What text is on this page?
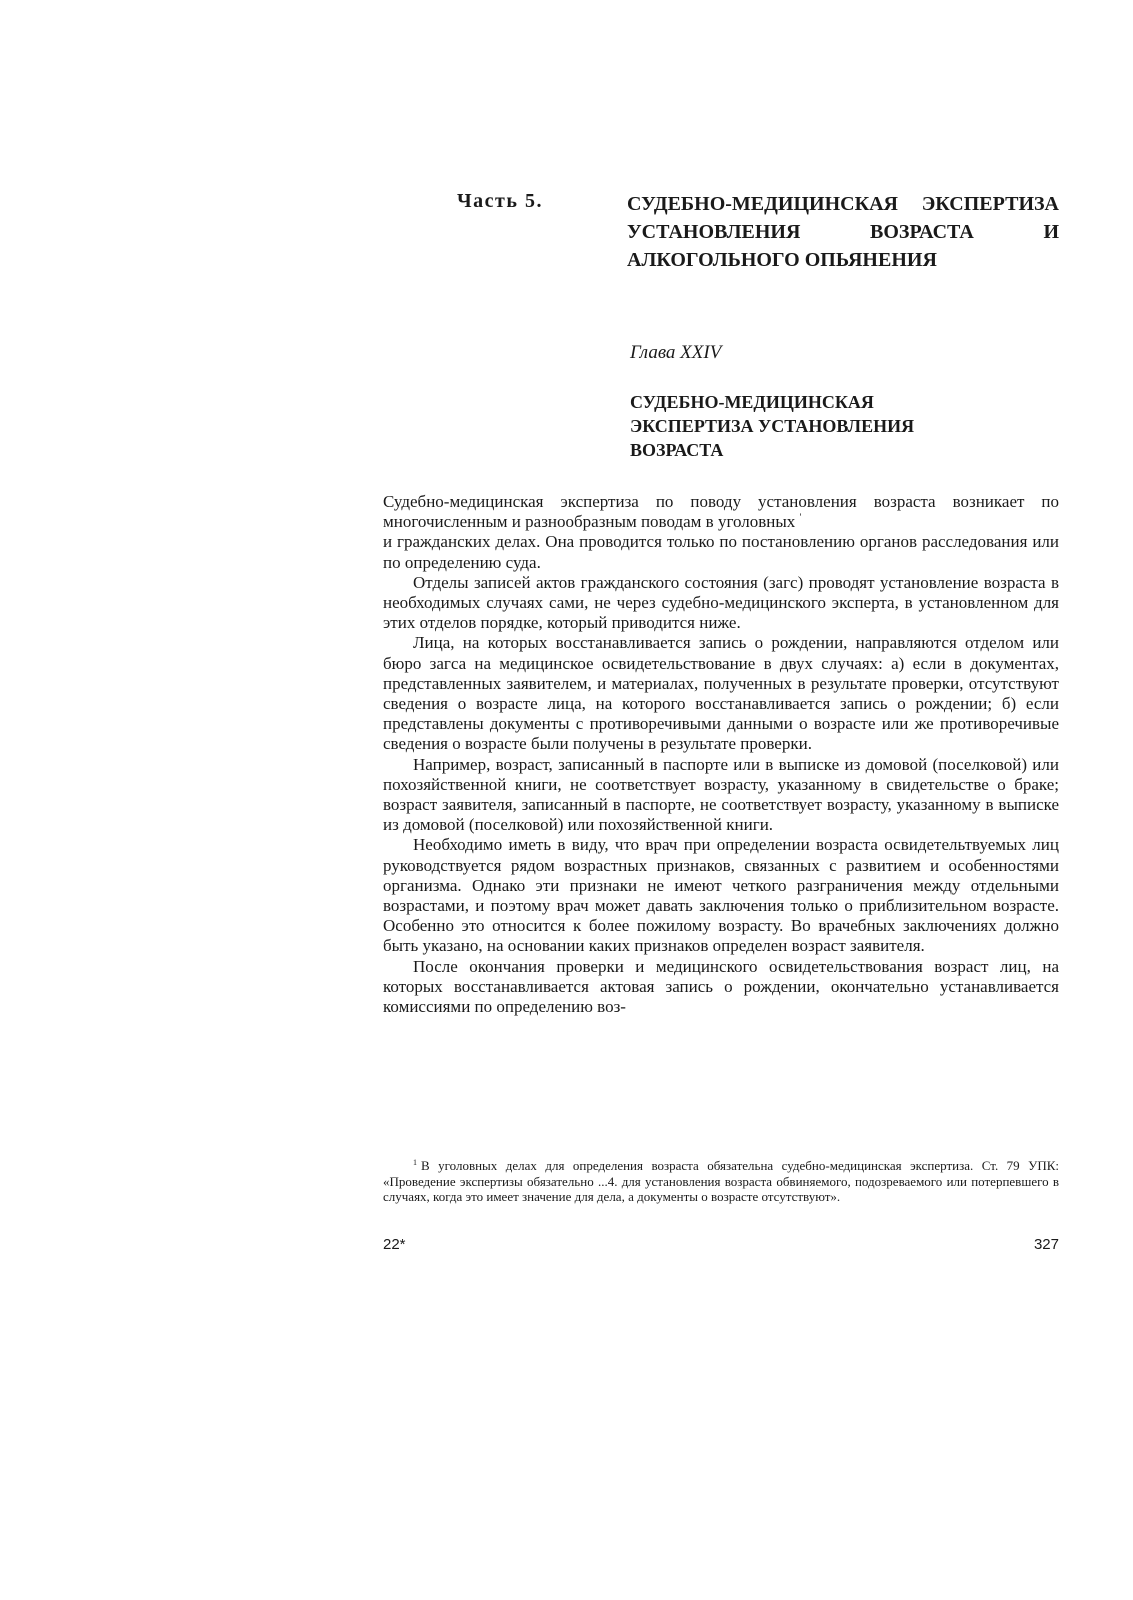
Часть 5.	СУДЕБНО-МЕДИЦИНСКАЯ ЭКСПЕРТИЗА УСТАНОВЛЕНИЯ ВОЗРАСТА И АЛКОГОЛЬНОГО ОПЬЯНЕНИЯ
Глава XXIV
СУДЕБНО-МЕДИЦИНСКАЯ ЭКСПЕРТИЗА УСТАНОВЛЕНИЯ ВОЗРАСТА

Судебно-медицинская экспертиза по поводу установления возраста возникает по многочисленным и разнообразным поводам в уголовных '

и гражданских делах. Она проводится только по постановлению органов расследования или по определению суда.

Отделы записей актов гражданского состояния (загс) проводят установление возраста в необходимых случаях сами, не через судебно-медицинского эксперта, в установленном для этих отделов порядке, который приводится ниже.

Лица, на которых восстанавливается запись о рождении, направляются отделом или бюро загса на медицинское освидетельствование в двух случаях: а) если в документах, представленных заявителем, и материалах, полученных в результате проверки, отсутствуют сведения о возрасте лица, на которого восстанавливается запись о рождении; б) если представлены документы с противоречивыми данными о возрасте или же противоречивые сведения о возрасте были получены в результате проверки.

Например, возраст, записанный в паспорте или в выписке из домовой (поселковой) или похозяйственной книги, не соответствует возрасту, указанному в свидетельстве о браке; возраст заявителя, записанный в паспорте, не соответствует возрасту, указанному в выписке из домовой (поселковой) или похозяйственной книги.

Необходимо иметь в виду, что врач при определении возраста освидетельтвуемых лиц руководствуется рядом возрастных признаков, связанных с развитием и особенностями организма. Однако эти признаки не имеют четкого разграничения между отдельными возрастами, и поэтому врач может давать заключения только о приблизительном возрасте. Особенно это относится к более пожилому возрасту. Во врачебных заключениях должно быть указано, на основании каких признаков определен возраст заявителя.

После окончания проверки и медицинского освидетельствования возраст лиц, на которых восстанавливается актовая запись о рождении, окончательно устанавливается комиссиями по определению воз-

$^1$ В уголовных делах для определения возраста обязательна судебно-медицинская экспертиза. Ст. 79 УПК: «Проведение экспертизы обязательно ...4. для установления возраста обвиняемого, подозреваемого или потерпевшего в случаях, когда это имеет значение для дела, а документы о возрасте отсутствуют».

22*	327
